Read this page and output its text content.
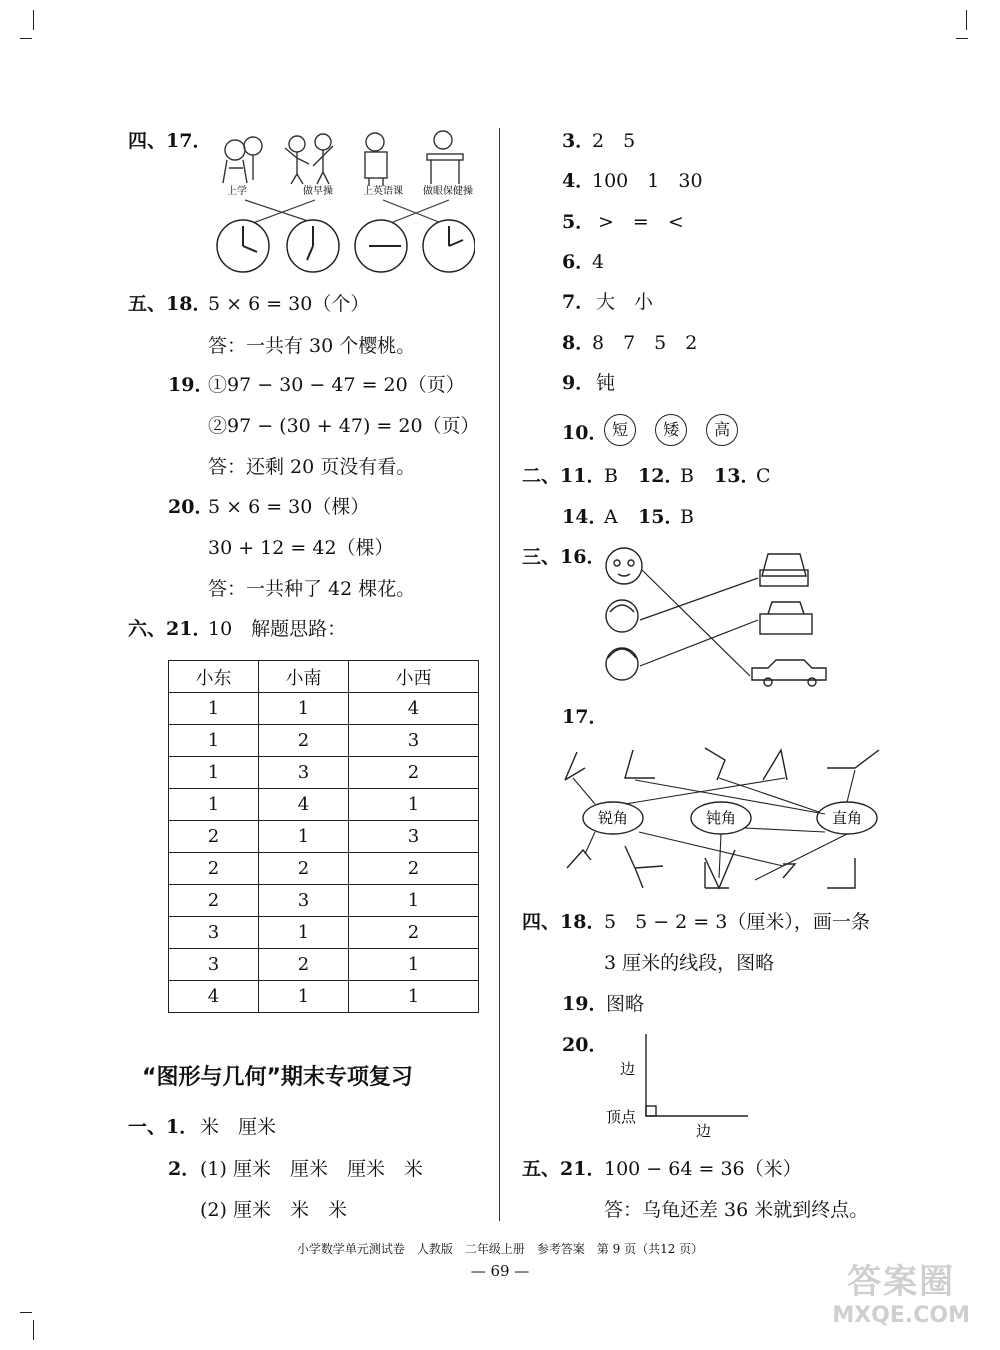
四、17．
上学	做早操	上英语课 做眼保健操
五、18．
5 × 6 = 30（个）
答：一共有 30 个樱桃。
19．
①97 − 30 − 47 = 20（页）
②97 − (30 + 47) = 20（页）
答：还剩 20 页没有看。
20．
5 × 6 = 30（棵）
30 + 12 = 42（棵）
答：一共种了 42 棵花。
六、21．
10　解题思路：
小东	小南	小西
1	1	4
1	2	3
1	3	2
1	4	1
2	1	3
2	2	2
2	3	1
3	1	2
3	2	1
4	1	1
“图形与几何”期末专项复习
一、1． 米　厘米
2． (1) 厘米　厘米　厘米　米
(2) 厘米　米　米
3．
2　5
4．
100　1　30
5． >　=　<
6．
4
7． 大　小
8．
8　7　5　2
9． 钝
10． 短 矮 高
二、11．
B 12．
B 13．
C
14．
A 15．
B
三、16．
17．
锐角	钝角	直角
四、18．
5　5 − 2 = 3（厘米），画一条
3 厘米的线段，图略
19．
图略
20．
边
顶点
边
五、21．
100 − 64 = 36（米）
答：乌龟还差 36 米就到终点。
小学数学单元测试卷　人教版　二年级上册　参考答案　第 9 页（共12 页）
— 69 —	答案圈
MXQE.COM
